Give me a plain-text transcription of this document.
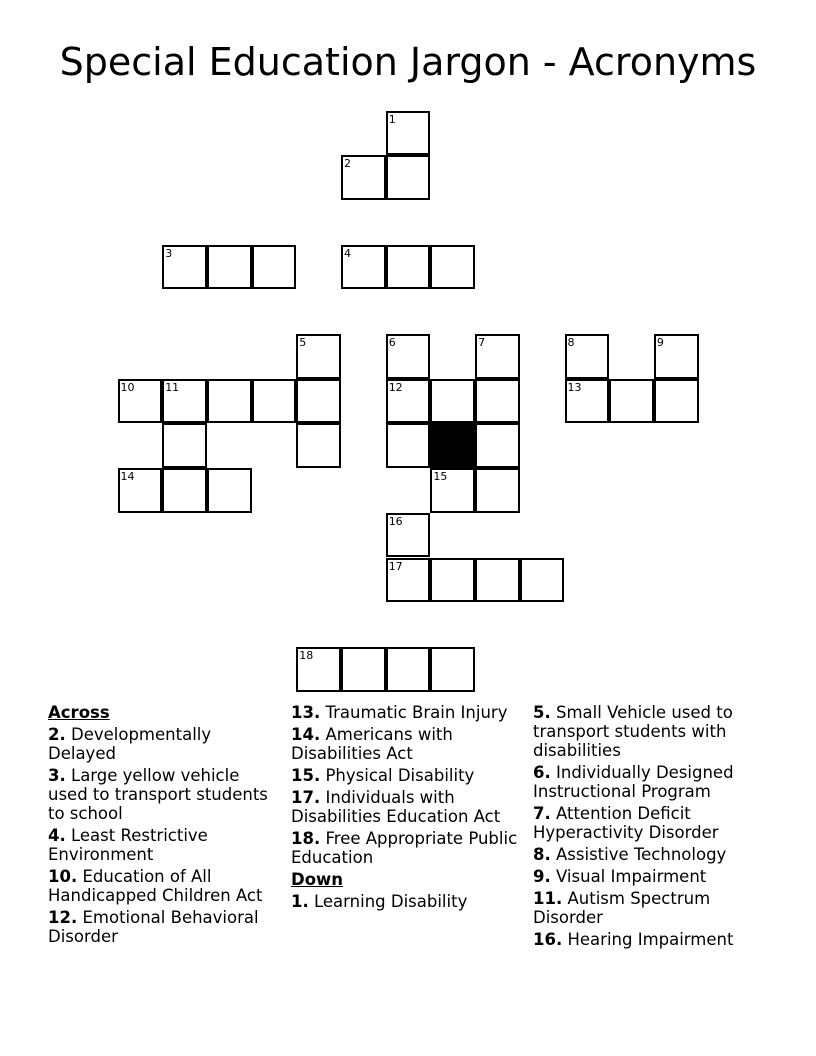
Special Education Jargon - Acronyms
1
2
3	4
5	6	7	8	9
10	11	12	13
14	15
16
17
18
Across
2. Developmentally Delayed
3. Large yellow vehicle used to transport students to school
4. Least Restrictive Environment
10. Education of All Handicapped Children Act
12. Emotional Behavioral Disorder
13. Traumatic Brain Injury
14. Americans with Disabilities Act
15. Physical Disability
17. Individuals with Disabilities Education Act
18. Free Appropriate Public Education
Down
1. Learning Disability
5. Small Vehicle used to transport students with disabilities
6. Individually Designed Instructional Program
7. Attention Deficit Hyperactivity Disorder
8. Assistive Technology
9. Visual Impairment
11. Autism Spectrum Disorder
16. Hearing Impairment
